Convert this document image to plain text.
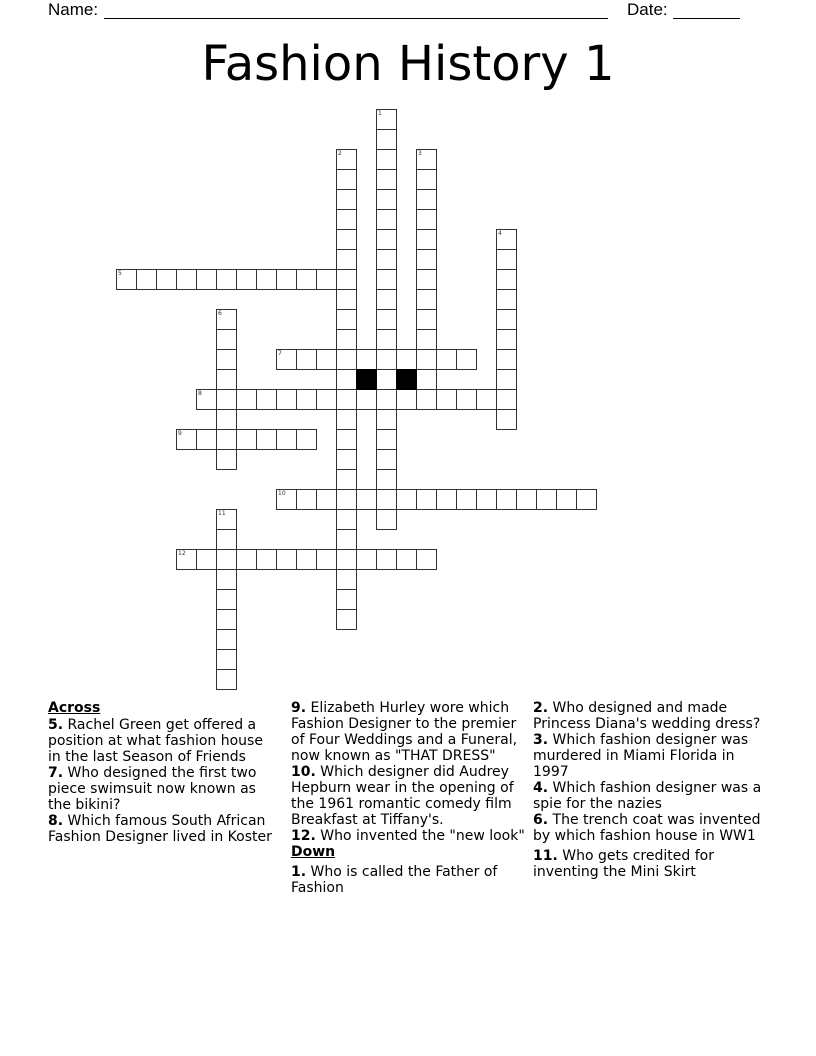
Name:	Date:
Fashion History 1
1
2	3
4
5
6
7
8
9
10
11
12
Across
5. Rachel Green get offered a position at what fashion house in the last Season of Friends
7. Who designed the first two piece swimsuit now known as the bikini?
8. Which famous South African Fashion Designer lived in Koster
9. Elizabeth Hurley wore which Fashion Designer to the premier of Four Weddings and a Funeral, now known as "THAT DRESS"
10. Which designer did Audrey Hepburn wear in the opening of the 1961 romantic comedy film Breakfast at Tiffany's.
12. Who invented the "new look"
Down
1. Who is called the Father of Fashion
2. Who designed and made Princess Diana's wedding dress?
3. Which fashion designer was murdered in Miami Florida in 1997
4. Which fashion designer was a spie for the nazies
6. The trench coat was invented by which fashion house in WW1
11. Who gets credited for inventing the Mini Skirt
